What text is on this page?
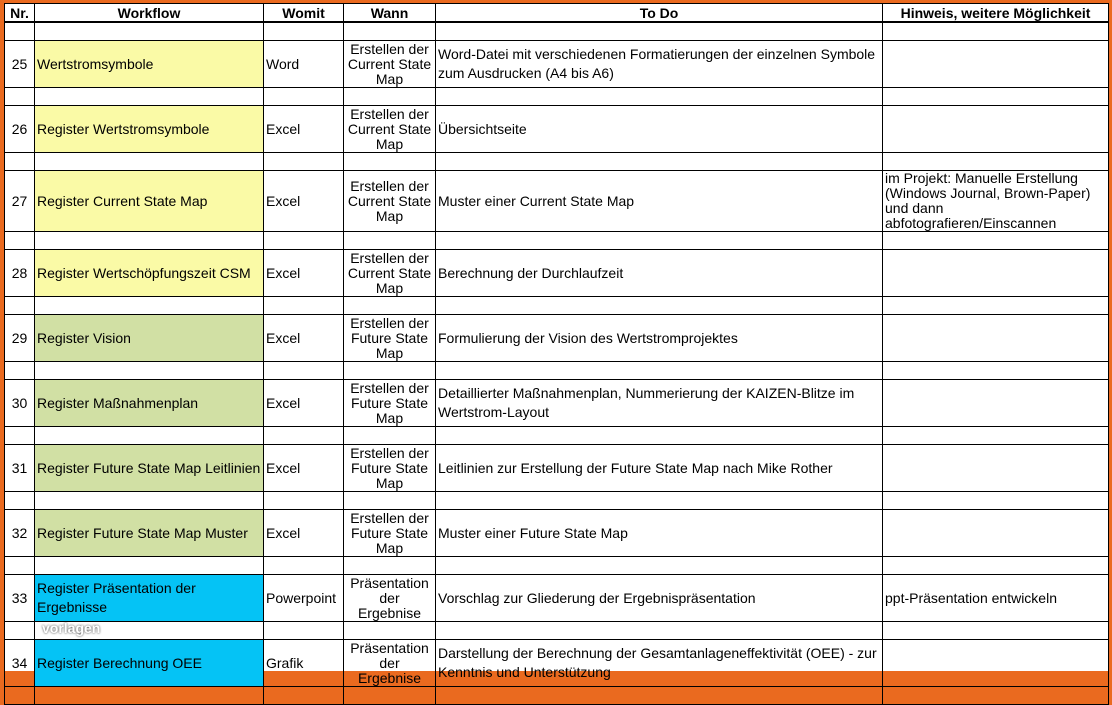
Nr.	Workflow	Womit	Wann	To Do	Hinweis, weitere Möglichkeit

25	Wertstromsymbole	Word	Erstellen der Current State Map	Word-Datei mit verschiedenen Formatierungen der einzelnen Symbole zum Ausdrucken (A4 bis A6)	

26	Register Wertstromsymbole	Excel	Erstellen der Current State Map	Übersichtseite	

27	Register Current State Map	Excel	Erstellen der Current State Map	Muster einer Current State Map	im Projekt: Manuelle Erstellung (Windows Journal, Brown-Paper) und dann abfotografieren/Einscannen

28	Register Wertschöpfungszeit CSM	Excel	Erstellen der Current State Map	Berechnung der Durchlaufzeit	

29	Register Vision	Excel	Erstellen der Future State Map	Formulierung der Vision des Wertstromprojektes	

30	Register Maßnahmenplan	Excel	Erstellen der Future State Map	Detaillierter Maßnahmenplan, Nummerierung der KAIZEN-Blitze im Wertstrom-Layout	

31	Register Future State Map Leitlinien	Excel	Erstellen der Future State Map	Leitlinien zur Erstellung der Future State Map nach Mike Rother	

32	Register Future State Map Muster	Excel	Erstellen der Future State Map	Muster einer Future State Map	

33	Register Präsentation der Ergebnisse	Powerpoint	Präsentation der Ergebnise	Vorschlag zur Gliederung der Ergebnispräsentation	ppt-Präsentation entwickeln

34	Register Berechnung OEE	Grafik	Präsentation der Ergebnise	Darstellung der Berechnung der Gesamtanlageneffektivität (OEE) - zur Kenntnis und Unterstützung	

vorlagen
